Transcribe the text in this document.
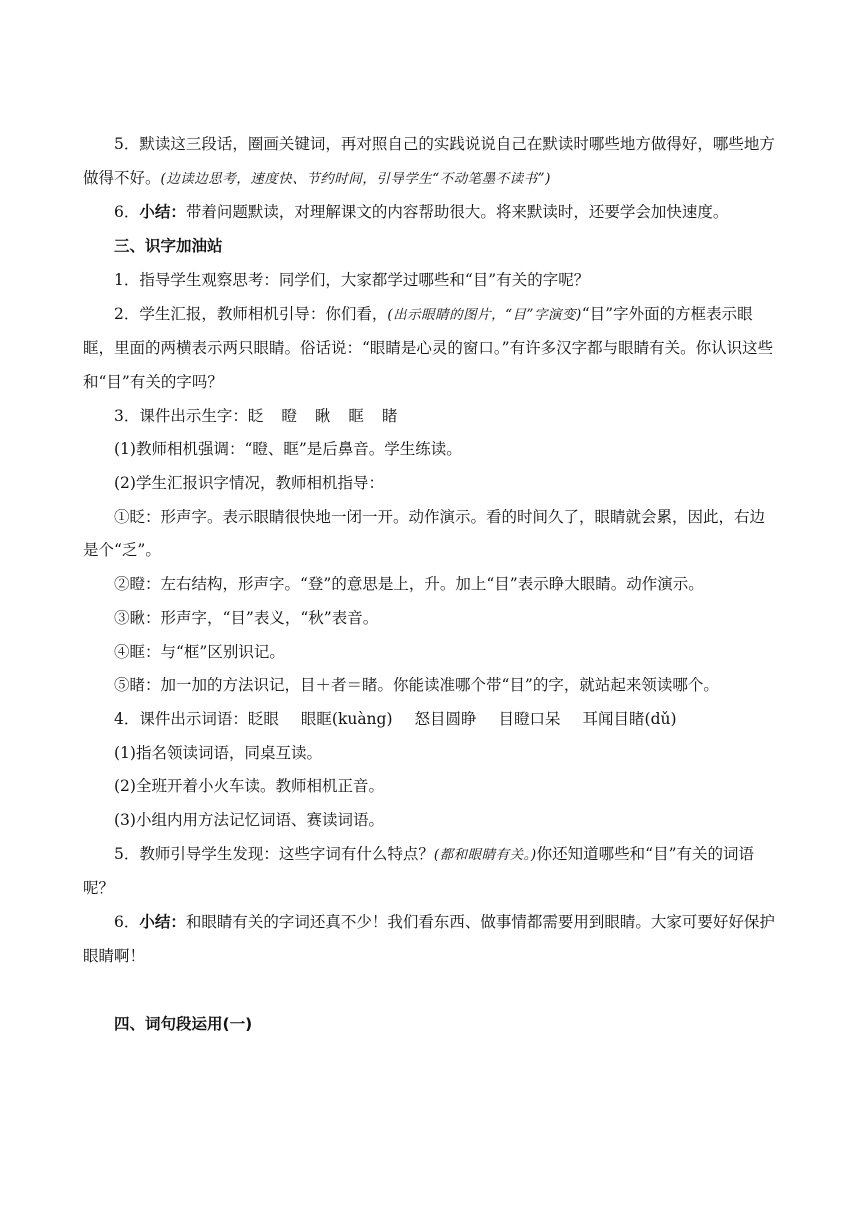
5．默读这三段话，圈画关键词，再对照自己的实践说说自己在默读时哪些地方做得好，哪些地方做得不好。(边读边思考，速度快、节约时间，引导学生“不动笔墨不读书”)

6．小结：带着问题默读，对理解课文的内容帮助很大。将来默读时，还要学会加快速度。

三、识字加油站

1．指导学生观察思考：同学们，大家都学过哪些和“目”有关的字呢？

2．学生汇报，教师相机引导：你们看，(出示眼睛的图片，“目”字演变)“目”字外面的方框表示眼眶，里面的两横表示两只眼睛。俗话说：“眼睛是心灵的窗口。”有许多汉字都与眼睛有关。你认识这些和“目”有关的字吗？

3．课件出示生字：眨 瞪 瞅 眶 睹

(1)教师相机强调：“瞪、眶”是后鼻音。学生练读。

(2)学生汇报识字情况，教师相机指导：

①眨：形声字。表示眼睛很快地一闭一开。动作演示。看的时间久了，眼睛就会累，因此，右边是个“乏”。

②瞪：左右结构，形声字。“登”的意思是上，升。加上“目”表示睁大眼睛。动作演示。

③瞅：形声字，“目”表义，“秋”表音。

④眶：与“框”区别识记。

⑤睹：加一加的方法识记，目＋者＝睹。你能读准哪个带“目”的字，就站起来领读哪个。

4．课件出示词语：眨眼 眼眶(kuàng) 怒目圆睁 目瞪口呆 耳闻目睹(dǔ)

(1)指名领读词语，同桌互读。

(2)全班开着小火车读。教师相机正音。

(3)小组内用方法记忆词语、赛读词语。

5．教师引导学生发现：这些字词有什么特点？(都和眼睛有关。)你还知道哪些和“目”有关的词语呢？

6．小结：和眼睛有关的字词还真不少！我们看东西、做事情都需要用到眼睛。大家可要好好保护眼睛啊！

四、词句段运用(一)
